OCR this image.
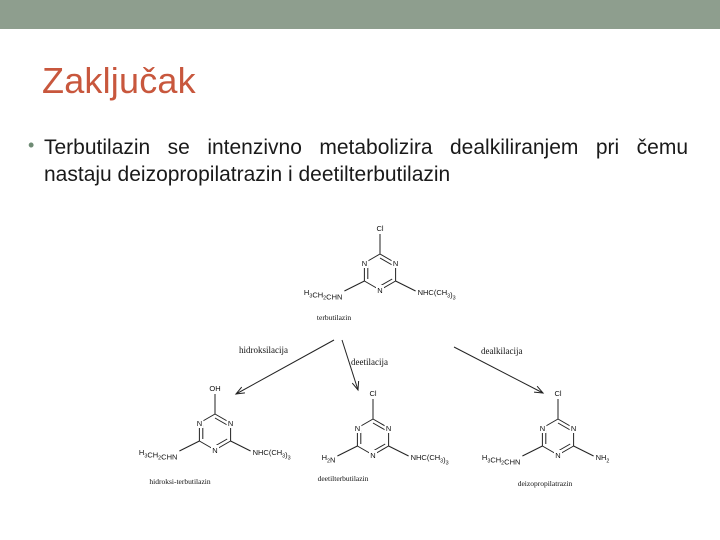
Zaključak
• Terbutilazin se intenzivno metabolizira dealkiliranjem pri čemu nastaju deizopropilatrazin i deetilterbutilazin

N	N
N
Cl
$H_3CH_2CHN$	$NHC(CH_3)_3$
terbutilazin
N	N
N
OH
$H_3CH_2CHN$	$NHC(CH_3)_3$
hidroksi-terbutilazin
N	N
N
Cl
$H_2N$	$NHC(CH_3)_3$
deetilterbutilazin
N	N
N
Cl
$H_3CH_2CHN$	$NH_2$
deizopropilatrazin
hidroksilacija
deetilacija
dealkilacija
